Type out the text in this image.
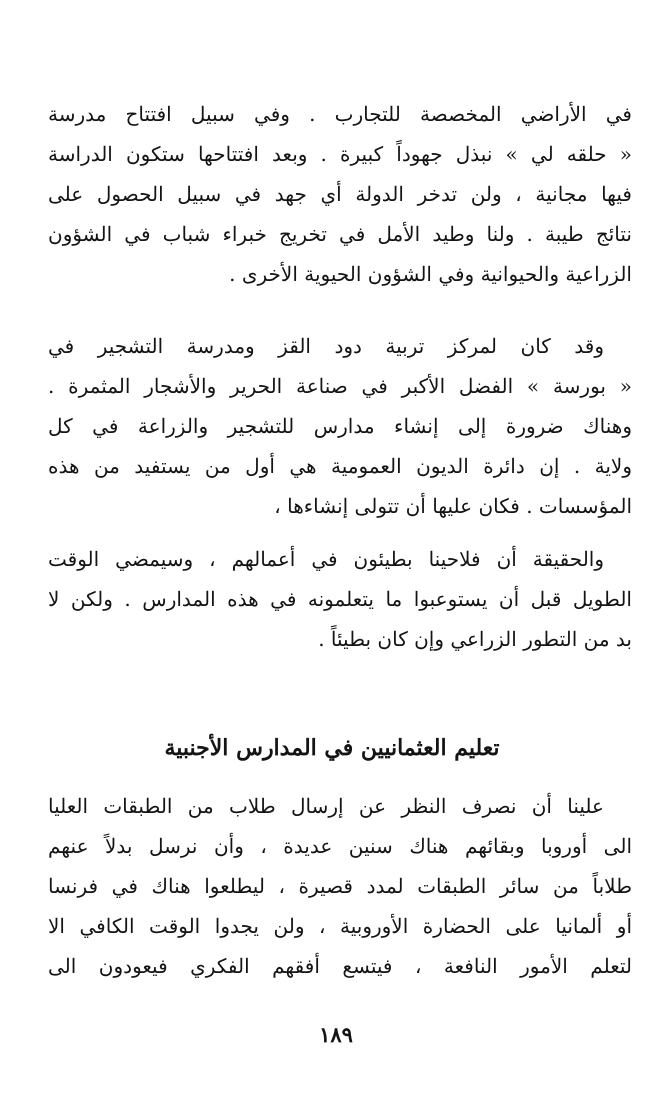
في الأراضي المخصصة للتجارب . وفي سبيل افتتاح مدرسة
« حلقه لي » نبذل جهوداً كبيرة . وبعد افتتاحها ستكون الدراسة
فيها مجانية ، ولن تدخر الدولة أي جهد في سبيل الحصول على
نتائج طيبة . ولنا وطيد الأمل في تخريج خبراء شباب في الشؤون
الزراعية والحيوانية وفي الشؤون الحيوية الأخرى .
وقد كان لمركز تربية دود القز ومدرسة التشجير في
« بورسة » الفضل الأكبر في صناعة الحرير والأشجار المثمرة .
وهناك ضرورة إلى إنشاء مدارس للتشجير والزراعة في كل
ولاية . إن دائرة الديون العمومية هي أول من يستفيد من هذه
المؤسسات . فكان عليها أن تتولى إنشاءها ،
والحقيقة أن فلاحينا بطيئون في أعمالهم ، وسيمضي الوقت
الطويل قبل أن يستوعبوا ما يتعلمونه في هذه المدارس . ولكن لا
بد من التطور الزراعي وإن كان بطيئاً .
تعليم العثمانيين في المدارس الأجنبية
علينا أن نصرف النظر عن إرسال طلاب من الطبقات العليا
الى أوروبا وبقائهم هناك سنين عديدة ، وأن نرسل بدلاً عنهم
طلاباً من سائر الطبقات لمدد قصيرة ، ليطلعوا هناك في فرنسا
أو ألمانيا على الحضارة الأوروبية ، ولن يجدوا الوقت الكافي الا
لتعلم الأمور النافعة ، فيتسع أفقهم الفكري فيعودون الى
١٨٩
